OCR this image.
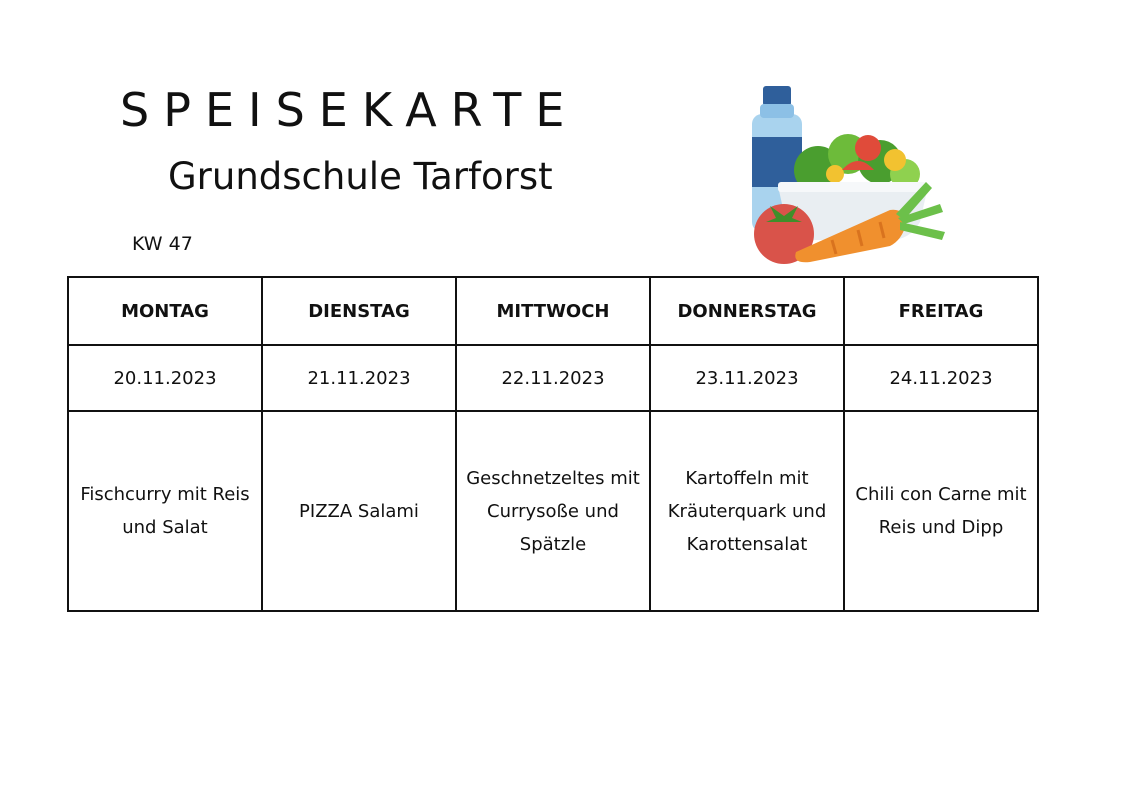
SPEISEKARTE
Grundschule Tarforst
KW 47
MONTAG	DIENSTAG	MITTWOCH	DONNERSTAG	FREITAG
20.11.2023	21.11.2023	22.11.2023	23.11.2023	24.11.2023
Fischcurry mit Reis und Salat	PIZZA Salami	Geschnetzeltes mit Currysoße und Spätzle	Kartoffeln mit Kräuterquark und Karottensalat	Chili con Carne mit Reis und Dipp
